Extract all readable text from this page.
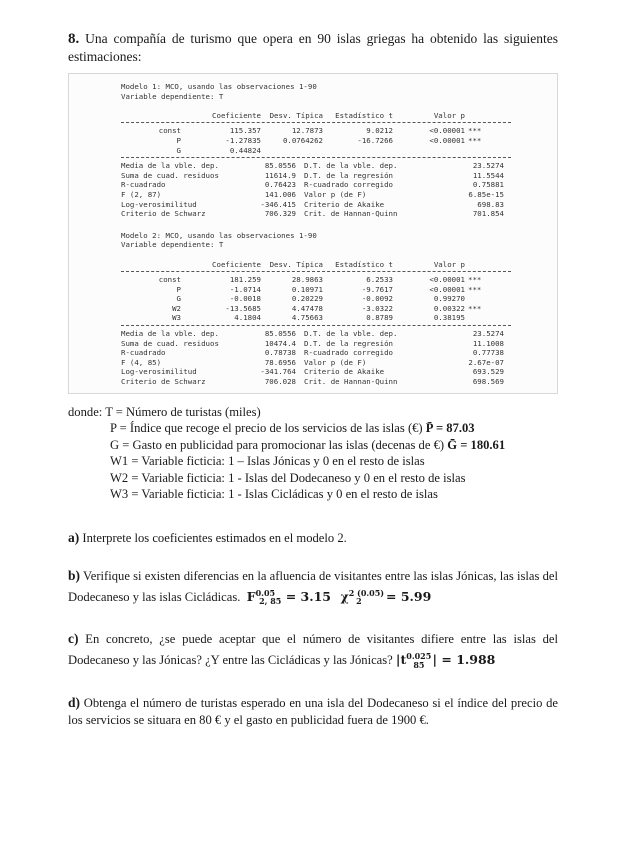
8. Una compañía de turismo que opera en 90 islas griegas ha obtenido las siguientes estimaciones:
Modelo 1: MCO, usando las observaciones 1-90
Variable dependiente: T

Coeficiente	Desv. Típica	Estadístico t	Valor p
const	115.357	12.7873	9.0212	<0.00001 ***
P	-1.27835	0.0764262	-16.7266	<0.00001 ***
G	0.44824
Media de la vble. dep.	85.0556	D.T. de la vble. dep.	23.5274
Suma de cuad. residuos	11614.9	D.T. de la regresión	11.5544
R-cuadrado	0.76423	R-cuadrado corregido	0.75881
F (2, 87)	141.006	Valor p (de F)	6.85e-15
Log-verosimilitud	-346.415	Criterio de Akaike	698.83
Criterio de Schwarz	706.329	Crit. de Hannan-Quinn	701.854
Modelo 2: MCO, usando las observaciones 1-90
Variable dependiente: T

Coeficiente	Desv. Típica	Estadístico t	Valor p
const	181.259	28.9863	6.2533	<0.00001 ***
P	-1.0714	0.10971	-9.7617	<0.00001 ***
G	-0.0018	0.20229	-0.0092	0.99270
W2	-13.5685	4.47478	-3.0322	0.00322 ***
W3	4.1804	4.75663	0.8789	0.38195
Media de la vble. dep.	85.0556	D.T. de la vble. dep.	23.5274
Suma de cuad. residuos	10474.4	D.T. de la regresión	11.1008
R-cuadrado	0.78738	R-cuadrado corregido	0.77738
F (4, 85)	78.6956	Valor p (de F)	2.67e-07
Log-verosimilitud	-341.764	Criterio de Akaike	693.529
Criterio de Schwarz	706.028	Crit. de Hannan-Quinn	698.569
donde: T = Número de turistas (miles)
P = Índice que recoge el precio de los servicios de las islas (€) P̄ = 87.03
G = Gasto en publicidad para promocionar las islas (decenas de €) Ḡ = 180.61
W1 = Variable ficticia: 1 – Islas Jónicas y 0 en el resto de islas
W2 = Variable ficticia: 1 - Islas del Dodecaneso y 0 en el resto de islas
W3 = Variable ficticia: 1 - Islas Cicládicas y 0 en el resto de islas
a) Interprete los coeficientes estimados en el modelo 2.
b) Verifique si existen diferencias en la afluencia de visitantes entre las islas Jónicas, las islas del Dodecaneso y las islas Cicládicas. $F^{0.05}_{2, 85} = 3.15$ $\chi^{2 (0.05)}_2 = 5.99$
c) En concreto, ¿se puede aceptar que el número de visitantes difiere entre las islas del Dodecaneso y las Jónicas? ¿Y entre las Cicládicas y las Jónicas? $|t^{0.025}_{85}$ | = 1.988
d) Obtenga el número de turistas esperado en una isla del Dodecaneso si el índice del precio de los servicios se situara en 80 € y el gasto en publicidad fuera de 1900 €.
